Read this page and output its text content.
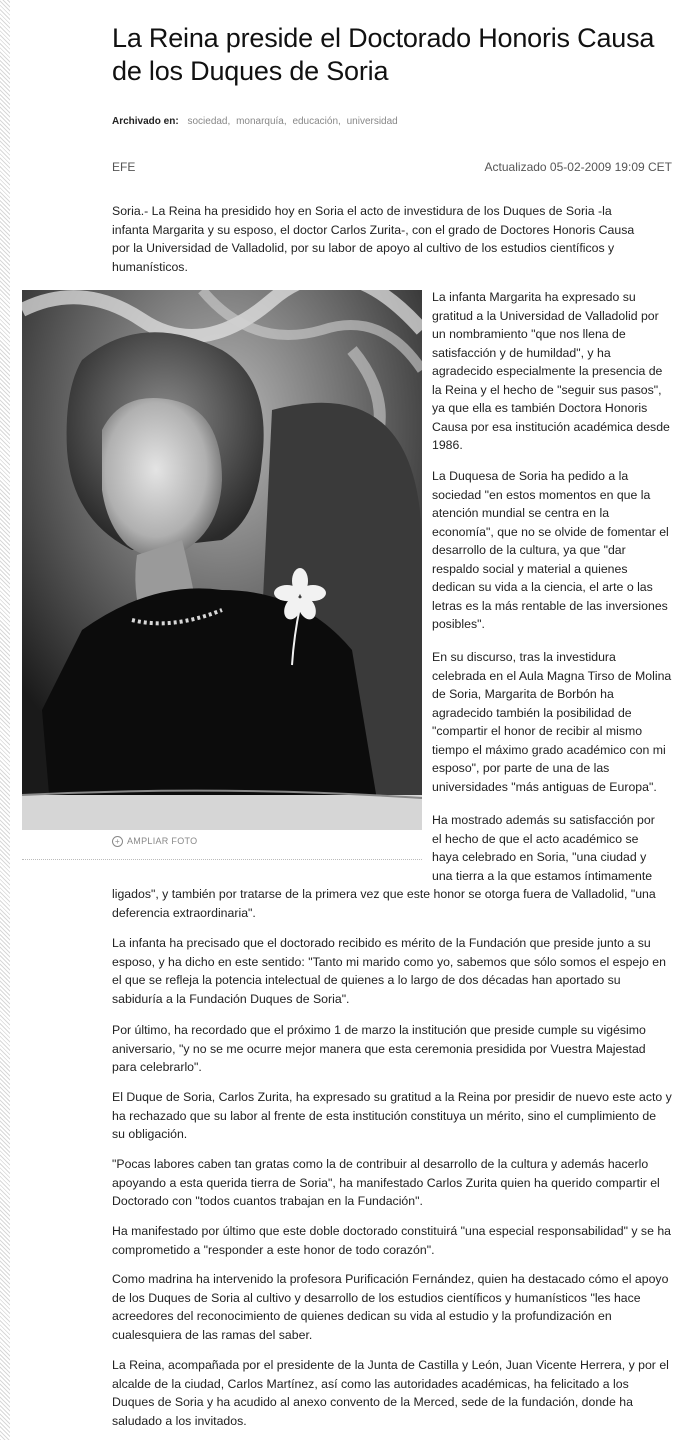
La Reina preside el Doctorado Honoris Causa de los Duques de Soria
Archivado en: sociedad, monarquía, educación, universidad
EFE	Actualizado 05-02-2009 19:09 CET

Soria.- La Reina ha presidido hoy en Soria el acto de investidura de los Duques de Soria -la infanta Margarita y su esposo, el doctor Carlos Zurita-, con el grado de Doctores Honoris Causa por la Universidad de Valladolid, por su labor de apoyo al cultivo de los estudios científicos y humanísticos.

+ AMPLIAR FOTO

La infanta Margarita ha expresado su gratitud a la Universidad de Valladolid por un nombramiento "que nos llena de satisfacción y de humildad", y ha agradecido especialmente la presencia de la Reina y el hecho de "seguir sus pasos", ya que ella es también Doctora Honoris Causa por esa institución académica desde 1986.

La Duquesa de Soria ha pedido a la sociedad "en estos momentos en que la atención mundial se centra en la economía", que no se olvide de fomentar el desarrollo de la cultura, ya que "dar respaldo social y material a quienes dedican su vida a la ciencia, el arte o las letras es la más rentable de las inversiones posibles".

En su discurso, tras la investidura celebrada en el Aula Magna Tirso de Molina de Soria, Margarita de Borbón ha agradecido también la posibilidad de "compartir el honor de recibir al mismo tiempo el máximo grado académico con mi esposo", por parte de una de las universidades "más antiguas de Europa".

Ha mostrado además su satisfacción por

el hecho de que el acto académico se

haya celebrado en Soria, "una ciudad y

una tierra a la que estamos íntimamente

ligados", y también por tratarse de la primera vez que este honor se otorga fuera de Valladolid, "una deferencia extraordinaria".

La infanta ha precisado que el doctorado recibido es mérito de la Fundación que preside junto a su esposo, y ha dicho en este sentido: "Tanto mi marido como yo, sabemos que sólo somos el espejo en el que se refleja la potencia intelectual de quienes a lo largo de dos décadas han aportado su sabiduría a la Fundación Duques de Soria".

Por último, ha recordado que el próximo 1 de marzo la institución que preside cumple su vigésimo aniversario, "y no se me ocurre mejor manera que esta ceremonia presidida por Vuestra Majestad para celebrarlo".

El Duque de Soria, Carlos Zurita, ha expresado su gratitud a la Reina por presidir de nuevo este acto y ha rechazado que su labor al frente de esta institución constituya un mérito, sino el cumplimiento de su obligación.

"Pocas labores caben tan gratas como la de contribuir al desarrollo de la cultura y además hacerlo apoyando a esta querida tierra de Soria", ha manifestado Carlos Zurita quien ha querido compartir el Doctorado con "todos cuantos trabajan en la Fundación".

Ha manifestado por último que este doble doctorado constituirá "una especial responsabilidad" y se ha comprometido a "responder a este honor de todo corazón".

Como madrina ha intervenido la profesora Purificación Fernández, quien ha destacado cómo el apoyo de los Duques de Soria al cultivo y desarrollo de los estudios científicos y humanísticos "les hace acreedores del reconocimiento de quienes dedican su vida al estudio y la profundización en cualesquiera de las ramas del saber.

La Reina, acompañada por el presidente de la Junta de Castilla y León, Juan Vicente Herrera, y por el alcalde de la ciudad, Carlos Martínez, así como las autoridades académicas, ha felicitado a los Duques de Soria y ha acudido al anexo convento de la Merced, sede de la fundación, donde ha saludado a los invitados.
